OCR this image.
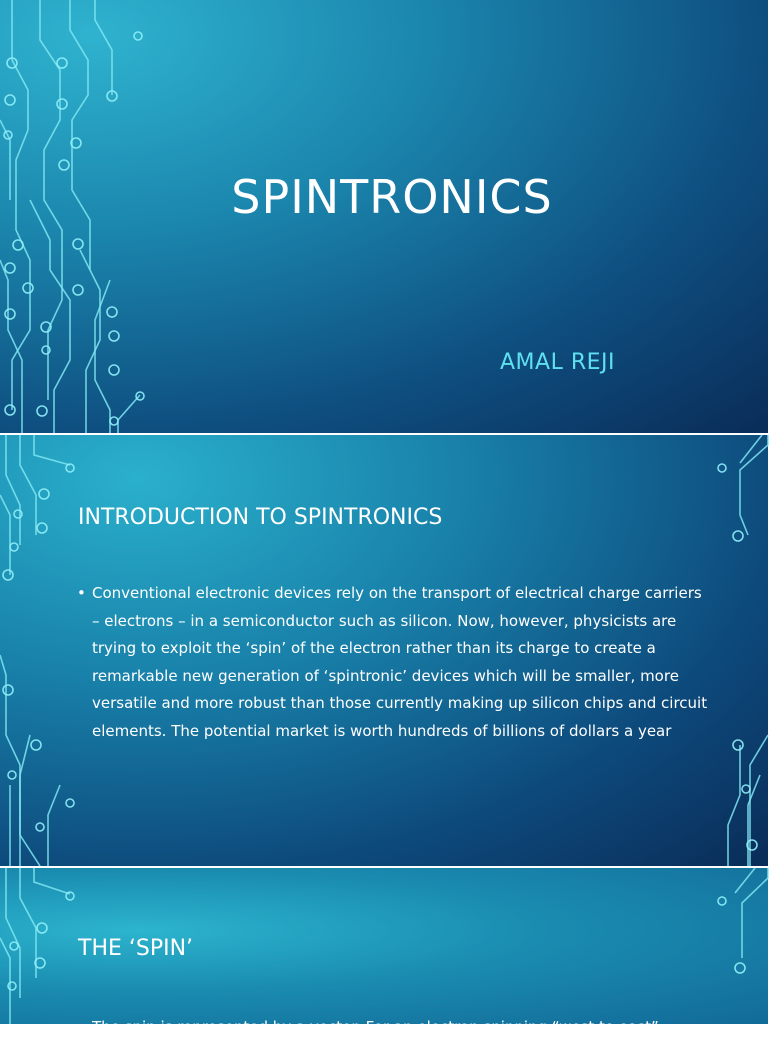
SPINTRONICS
AMAL REJI
INTRODUCTION TO SPINTRONICS

• Conventional electronic devices rely on the transport of electrical charge carriers – electrons – in a semiconductor such as silicon. Now, however, physicists are trying to exploit the ‘spin’ of the electron rather than its charge to create a remarkable new generation of ‘spintronic’ devices which will be smaller, more versatile and more robust than those currently making up silicon chips and circuit elements. The potential market is worth hundreds of billions of dollars a year

THE ‘SPIN’

• The spin is represented by a vector. For an electron spinning “west to east”
